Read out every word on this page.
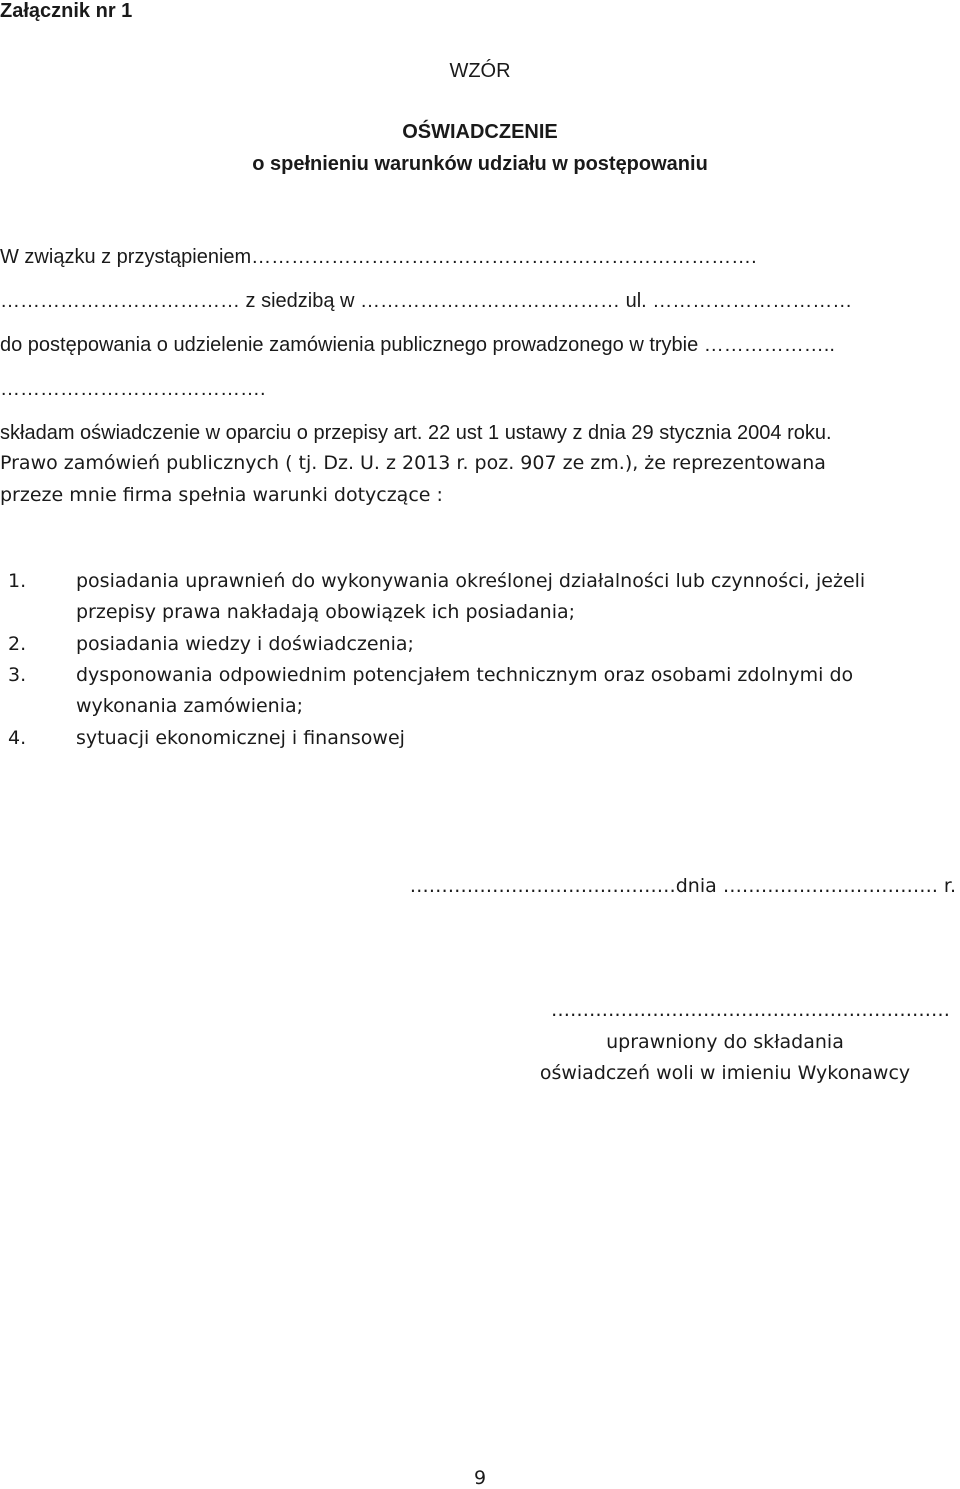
Załącznik nr 1

WZÓR

OŚWIADCZENIE

o spełnieniu warunków udziału w postępowaniu

W związku z przystąpieniem………………………………………………………………….

……………………………… z siedzibą w ………………………………… ul. …………………………

do postępowania o udzielenie zamówienia publicznego prowadzonego w trybie ………………..

………………………………….

składam oświadczenie w oparciu o przepisy art. 22 ust 1 ustawy z dnia 29 stycznia 2004 roku.

Prawo zamówień publicznych ( tj. Dz. U. z 2013 r. poz. 907 ze zm.), że reprezentowana

przeze mnie firma spełnia warunki dotyczące :

1.	posiadania uprawnień do wykonywania określonej działalności lub czynności, jeżeli
przepisy prawa nakładają obowiązek ich posiadania;
2.	posiadania wiedzy i doświadczenia;
3.	dysponowania odpowiednim potencjałem technicznym oraz osobami zdolnymi do
wykonania zamówienia;
4.	sytuacji ekonomicznej i finansowej

……………………………………dnia ……………………………. r.

………………………………………………………

uprawniony do składania

oświadczeń woli w imieniu Wykonawcy

9
